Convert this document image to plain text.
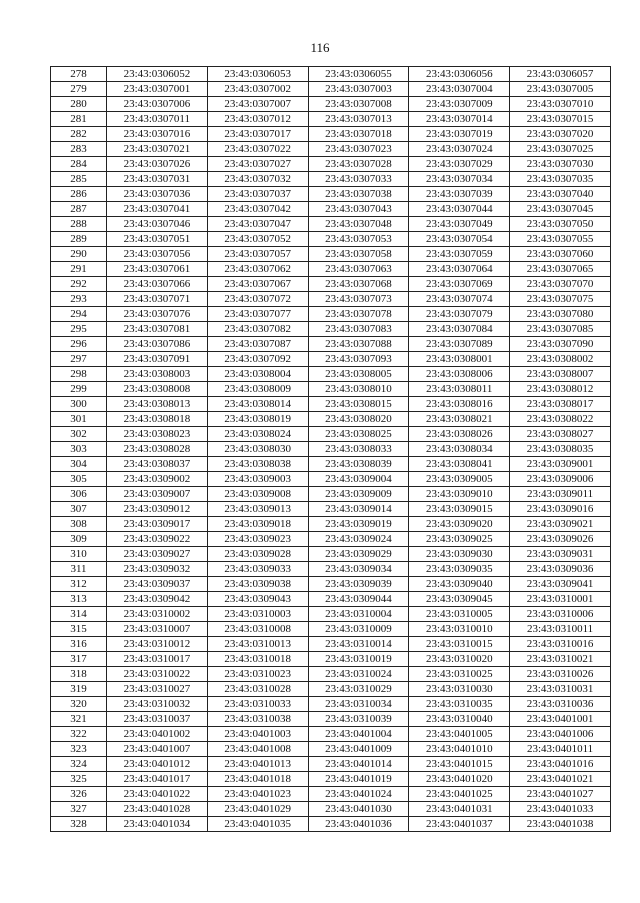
116
278	23:43:0306052	23:43:0306053	23:43:0306055	23:43:0306056	23:43:0306057
279	23:43:0307001	23:43:0307002	23:43:0307003	23:43:0307004	23:43:0307005
280	23:43:0307006	23:43:0307007	23:43:0307008	23:43:0307009	23:43:0307010
281	23:43:0307011	23:43:0307012	23:43:0307013	23:43:0307014	23:43:0307015
282	23:43:0307016	23:43:0307017	23:43:0307018	23:43:0307019	23:43:0307020
283	23:43:0307021	23:43:0307022	23:43:0307023	23:43:0307024	23:43:0307025
284	23:43:0307026	23:43:0307027	23:43:0307028	23:43:0307029	23:43:0307030
285	23:43:0307031	23:43:0307032	23:43:0307033	23:43:0307034	23:43:0307035
286	23:43:0307036	23:43:0307037	23:43:0307038	23:43:0307039	23:43:0307040
287	23:43:0307041	23:43:0307042	23:43:0307043	23:43:0307044	23:43:0307045
288	23:43:0307046	23:43:0307047	23:43:0307048	23:43:0307049	23:43:0307050
289	23:43:0307051	23:43:0307052	23:43:0307053	23:43:0307054	23:43:0307055
290	23:43:0307056	23:43:0307057	23:43:0307058	23:43:0307059	23:43:0307060
291	23:43:0307061	23:43:0307062	23:43:0307063	23:43:0307064	23:43:0307065
292	23:43:0307066	23:43:0307067	23:43:0307068	23:43:0307069	23:43:0307070
293	23:43:0307071	23:43:0307072	23:43:0307073	23:43:0307074	23:43:0307075
294	23:43:0307076	23:43:0307077	23:43:0307078	23:43:0307079	23:43:0307080
295	23:43:0307081	23:43:0307082	23:43:0307083	23:43:0307084	23:43:0307085
296	23:43:0307086	23:43:0307087	23:43:0307088	23:43:0307089	23:43:0307090
297	23:43:0307091	23:43:0307092	23:43:0307093	23:43:0308001	23:43:0308002
298	23:43:0308003	23:43:0308004	23:43:0308005	23:43:0308006	23:43:0308007
299	23:43:0308008	23:43:0308009	23:43:0308010	23:43:0308011	23:43:0308012
300	23:43:0308013	23:43:0308014	23:43:0308015	23:43:0308016	23:43:0308017
301	23:43:0308018	23:43:0308019	23:43:0308020	23:43:0308021	23:43:0308022
302	23:43:0308023	23:43:0308024	23:43:0308025	23:43:0308026	23:43:0308027
303	23:43:0308028	23:43:0308030	23:43:0308033	23:43:0308034	23:43:0308035
304	23:43:0308037	23:43:0308038	23:43:0308039	23:43:0308041	23:43:0309001
305	23:43:0309002	23:43:0309003	23:43:0309004	23:43:0309005	23:43:0309006
306	23:43:0309007	23:43:0309008	23:43:0309009	23:43:0309010	23:43:0309011
307	23:43:0309012	23:43:0309013	23:43:0309014	23:43:0309015	23:43:0309016
308	23:43:0309017	23:43:0309018	23:43:0309019	23:43:0309020	23:43:0309021
309	23:43:0309022	23:43:0309023	23:43:0309024	23:43:0309025	23:43:0309026
310	23:43:0309027	23:43:0309028	23:43:0309029	23:43:0309030	23:43:0309031
311	23:43:0309032	23:43:0309033	23:43:0309034	23:43:0309035	23:43:0309036
312	23:43:0309037	23:43:0309038	23:43:0309039	23:43:0309040	23:43:0309041
313	23:43:0309042	23:43:0309043	23:43:0309044	23:43:0309045	23:43:0310001
314	23:43:0310002	23:43:0310003	23:43:0310004	23:43:0310005	23:43:0310006
315	23:43:0310007	23:43:0310008	23:43:0310009	23:43:0310010	23:43:0310011
316	23:43:0310012	23:43:0310013	23:43:0310014	23:43:0310015	23:43:0310016
317	23:43:0310017	23:43:0310018	23:43:0310019	23:43:0310020	23:43:0310021
318	23:43:0310022	23:43:0310023	23:43:0310024	23:43:0310025	23:43:0310026
319	23:43:0310027	23:43:0310028	23:43:0310029	23:43:0310030	23:43:0310031
320	23:43:0310032	23:43:0310033	23:43:0310034	23:43:0310035	23:43:0310036
321	23:43:0310037	23:43:0310038	23:43:0310039	23:43:0310040	23:43:0401001
322	23:43:0401002	23:43:0401003	23:43:0401004	23:43:0401005	23:43:0401006
323	23:43:0401007	23:43:0401008	23:43:0401009	23:43:0401010	23:43:0401011
324	23:43:0401012	23:43:0401013	23:43:0401014	23:43:0401015	23:43:0401016
325	23:43:0401017	23:43:0401018	23:43:0401019	23:43:0401020	23:43:0401021
326	23:43:0401022	23:43:0401023	23:43:0401024	23:43:0401025	23:43:0401027
327	23:43:0401028	23:43:0401029	23:43:0401030	23:43:0401031	23:43:0401033
328	23:43:0401034	23:43:0401035	23:43:0401036	23:43:0401037	23:43:0401038
